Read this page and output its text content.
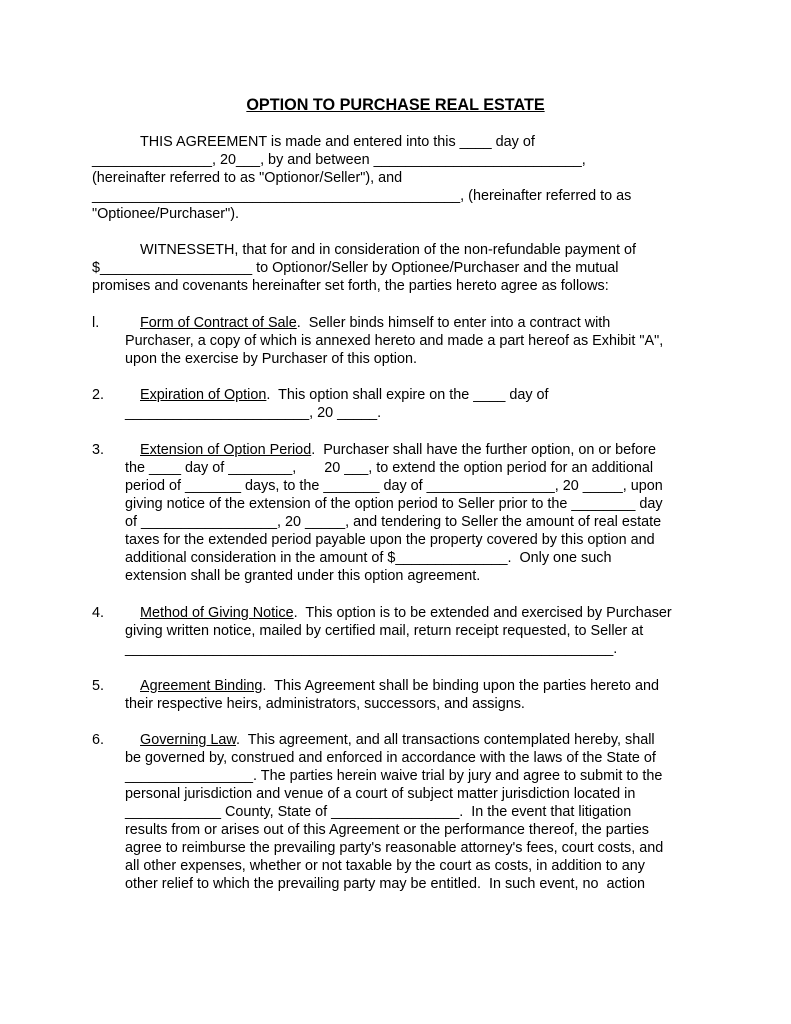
OPTION TO PURCHASE REAL ESTATE
THIS AGREEMENT is made and entered into this ____ day of
_______________, 20___, by and between __________________________,
(hereinafter referred to as "Optionor/Seller"), and
______________________________________________, (hereinafter referred to as
"Optionee/Purchaser").
WITNESSETH, that for and in consideration of the non-refundable payment of
$___________________ to Optionor/Seller by Optionee/Purchaser and the mutual
promises and covenants hereinafter set forth, the parties hereto agree as follows:
l.	Form of Contract of Sale.  Seller binds himself to enter into a contract with
Purchaser, a copy of which is annexed hereto and made a part hereof as Exhibit "A",
upon the exercise by Purchaser of this option.
2. Expiration of Option.  This option shall expire on the ____ day of
_______________________, 20 _____.
3. Extension of Option Period.  Purchaser shall have the further option, on or before
the ____ day of ________,       20 ___, to extend the option period for an additional
period of _______ days, to the _______ day of ________________, 20 _____, upon
giving notice of the extension of the option period to Seller prior to the ________ day
of _________________, 20 _____, and tendering to Seller the amount of real estate
taxes for the extended period payable upon the property covered by this option and
additional consideration in the amount of $______________.  Only one such
extension shall be granted under this option agreement.
4. Method of Giving Notice.  This option is to be extended and exercised by Purchaser
giving written notice, mailed by certified mail, return receipt requested, to Seller at
_____________________________________________________________.
5. Agreement Binding.  This Agreement shall be binding upon the parties hereto and
their respective heirs, administrators, successors, and assigns.
6. Governing Law.  This agreement, and all transactions contemplated hereby, shall
be governed by, construed and enforced in accordance with the laws of the State of
________________. The parties herein waive trial by jury and agree to submit to the
personal jurisdiction and venue of a court of subject matter jurisdiction located in
____________ County, State of ________________.  In the event that litigation
results from or arises out of this Agreement or the performance thereof, the parties
agree to reimburse the prevailing party's reasonable attorney's fees, court costs, and
all other expenses, whether or not taxable by the court as costs, in addition to any
other relief to which the prevailing party may be entitled.  In such event, no  action
